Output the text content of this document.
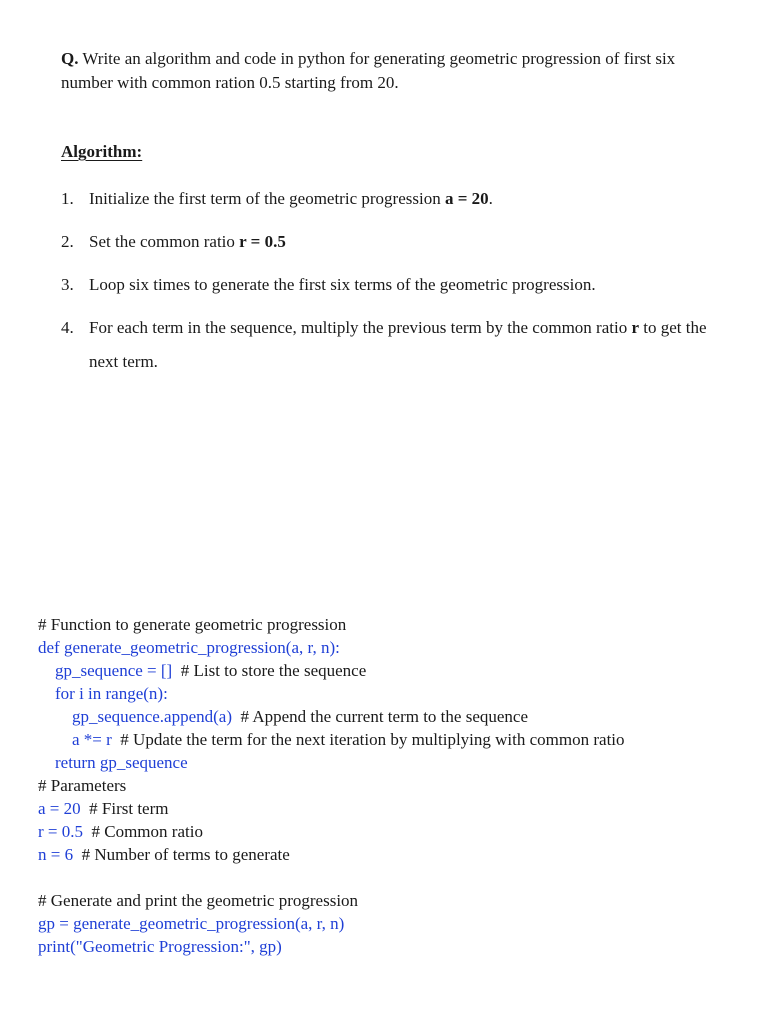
Q. Write an algorithm and code in python for generating geometric progression of first six number with common ration 0.5 starting from 20.
Algorithm:
1. Initialize the first term of the geometric progression a = 20.
2. Set the common ratio r = 0.5
3. Loop six times to generate the first six terms of the geometric progression.
4. For each term in the sequence, multiply the previous term by the common ratio r to get the next term.
# Function to generate geometric progression
def generate_geometric_progression(a, r, n):
gp_sequence = []  # List to store the sequence
for i in range(n):
gp_sequence.append(a)  # Append the current term to the sequence
a *= r  # Update the term for the next iteration by multiplying with common ratio
return gp_sequence
# Parameters
a = 20  # First term
r = 0.5  # Common ratio
n = 6  # Number of terms to generate
# Generate and print the geometric progression
gp = generate_geometric_progression(a, r, n)
print("Geometric Progression:", gp)
